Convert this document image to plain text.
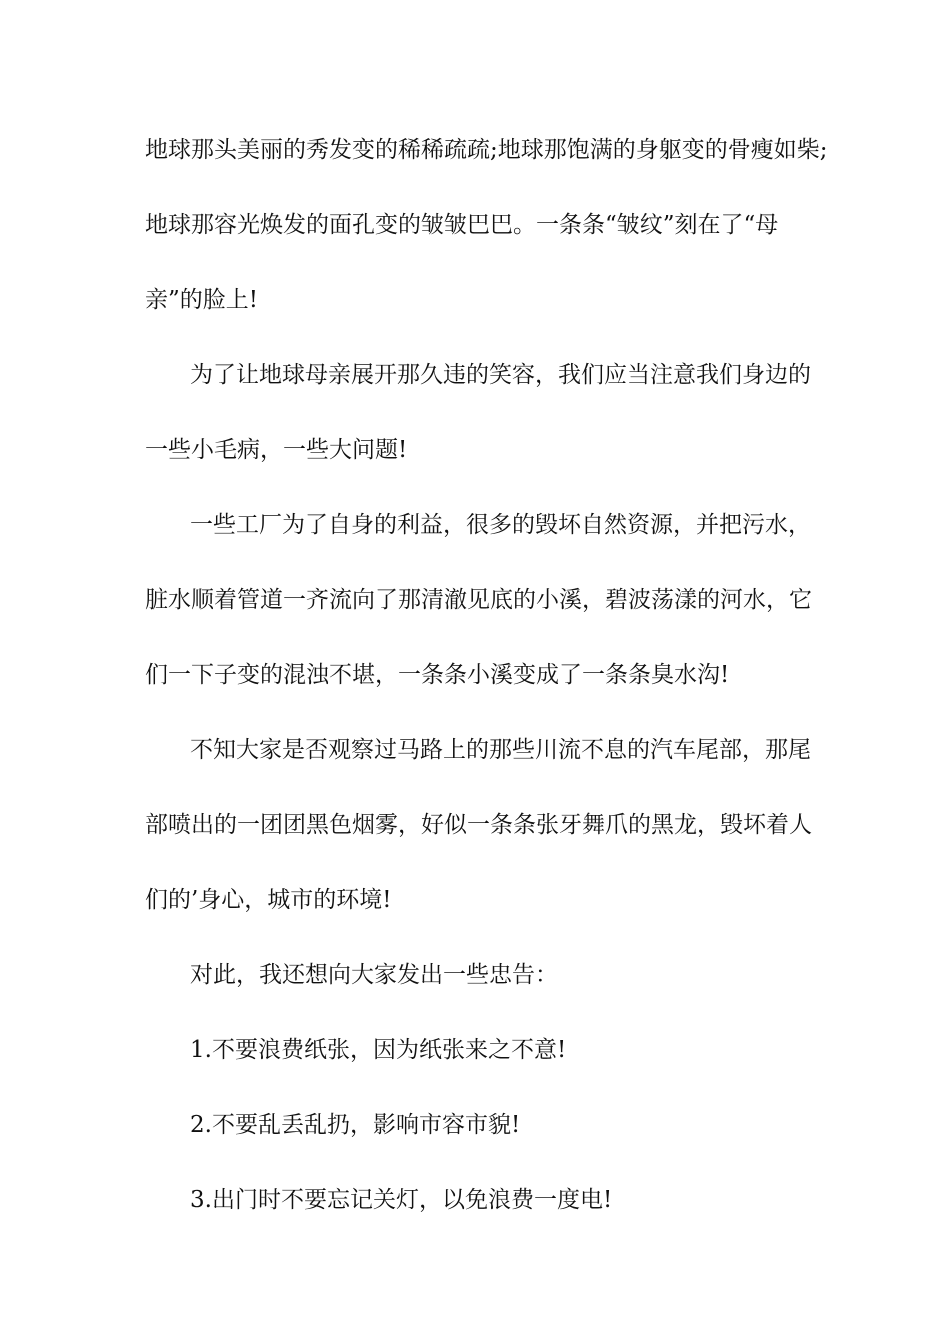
地球那头美丽的秀发变的稀稀疏疏;地球那饱满的身躯变的骨瘦如柴;
地球那容光焕发的面孔变的皱皱巴巴。一条条“皱纹”刻在了“母
亲”的脸上!
为了让地球母亲展开那久违的笑容，我们应当注意我们身边的
一些小毛病，一些大问题!
一些工厂为了自身的利益，很多的毁坏自然资源，并把污水，
脏水顺着管道一齐流向了那清澈见底的小溪，碧波荡漾的河水，它
们一下子变的混浊不堪，一条条小溪变成了一条条臭水沟!
不知大家是否观察过马路上的那些川流不息的汽车尾部，那尾
部喷出的一团团黑色烟雾，好似一条条张牙舞爪的黑龙，毁坏着人
们的’身心，城市的环境!
对此，我还想向大家发出一些忠告：
1.不要浪费纸张，因为纸张来之不意!
2.不要乱丢乱扔，影响市容市貌!
3.出门时不要忘记关灯，以免浪费一度电!
